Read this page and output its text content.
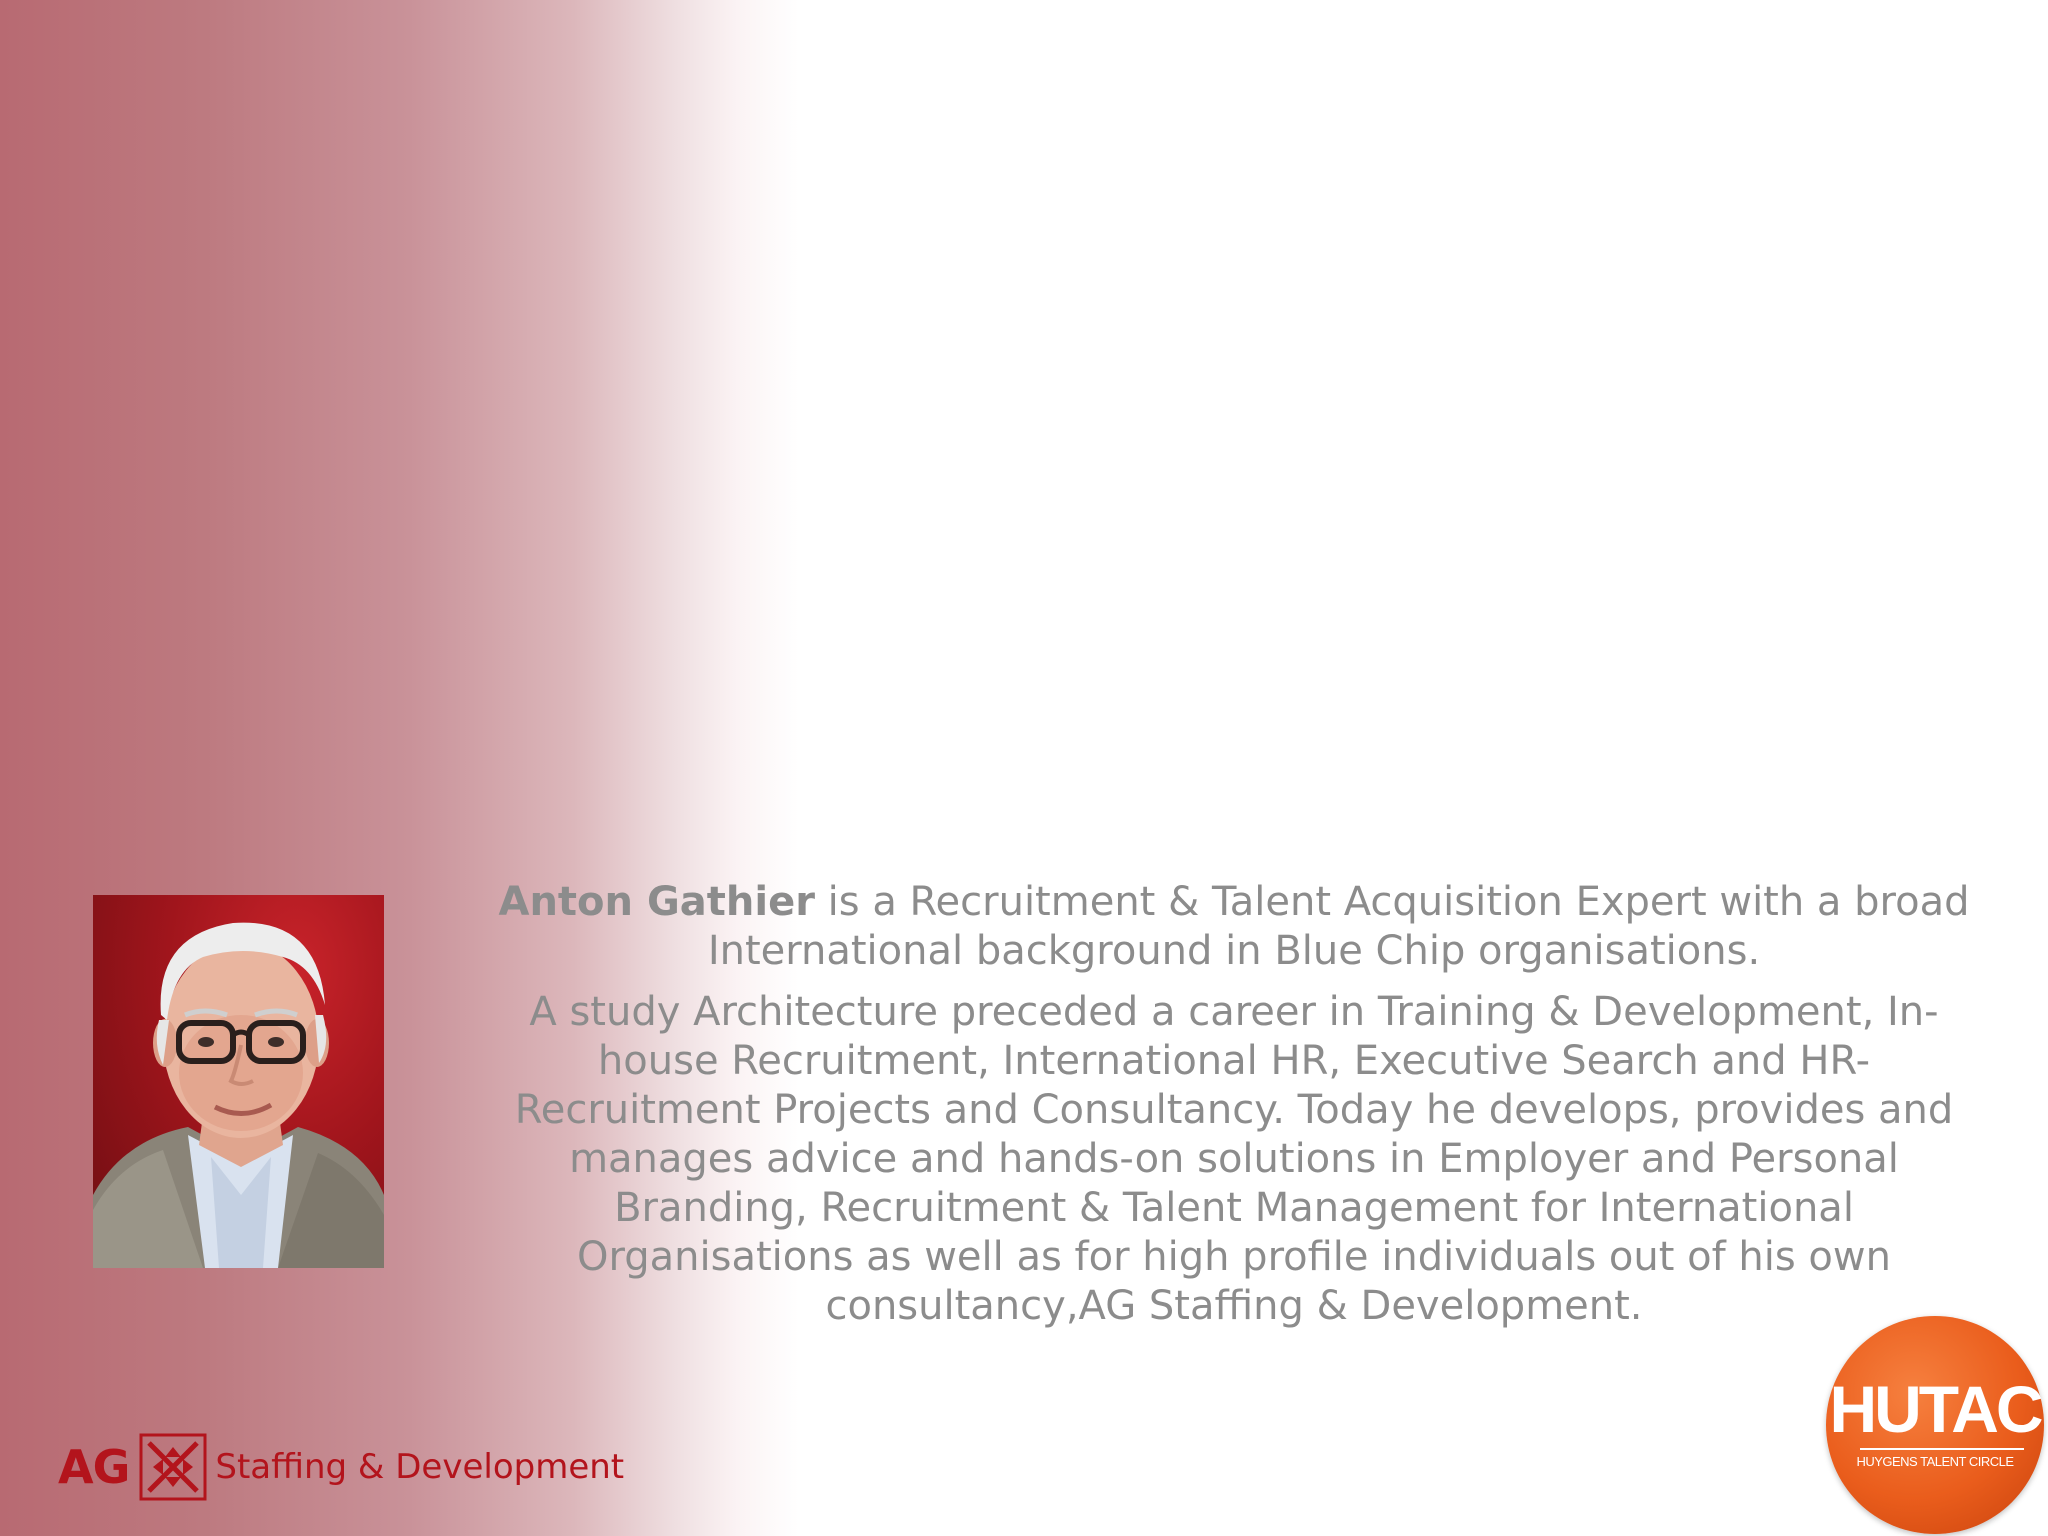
Anton Gathier is a Recruitment & Talent Acquisition Expert with a broad International background in Blue Chip organisations.

A study Architecture preceded a career in Training & Development, In-house Recruitment, International HR, Executive Search and HR-Recruitment Projects and Consultancy. Today he develops, provides and manages advice and hands-on solutions in Employer and Personal Branding, Recruitment & Talent Management for International Organisations as well as for high profile individuals out of his own consultancy,AG Staffing & Development.

AG	Staffing & Development
HUTAC
HUYGENS TALENT CIRCLE
